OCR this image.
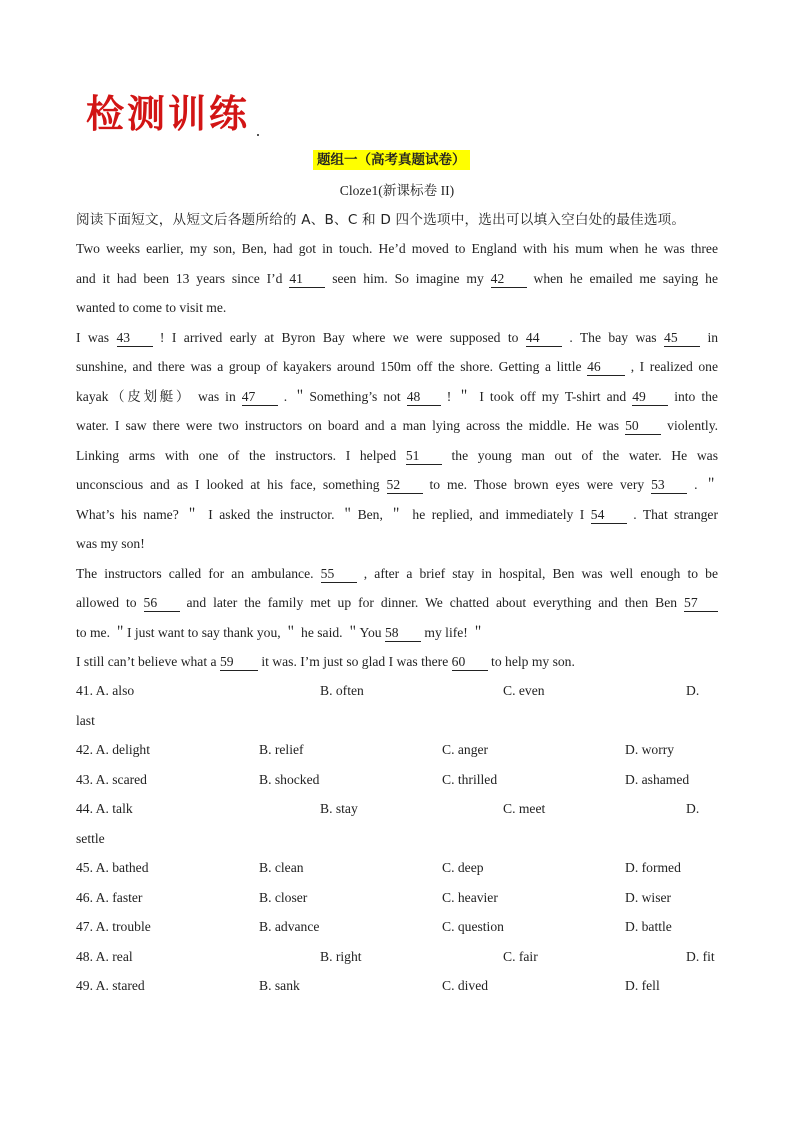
检测训练
题组一（高考真题试卷）
Cloze1(新课标卷 II)
阅读下面短文，从短文后各题所给的 A、B、C 和 D 四个选项中，选出可以填入空白处的最佳选项。
Two weeks earlier, my son, Ben, had got in touch. He’d moved to England with his mum when he was three
and it had been 13 years since I’d 41 seen him. So imagine my 42 when he emailed me saying he
wanted to come to visit me.
I was 43 ! I arrived early at Byron Bay where we were supposed to 44 . The bay was 45 in
sunshine, and there was a group of kayakers around 150m off the shore. Getting a little 46 , I realized one
kayak（皮划艇） was in 47 . ＂Something’s not 48 ! ＂ I took off my T-shirt and 49 into the
water. I saw there were two instructors on board and a man lying across the middle. He was 50 violently.
Linking arms with one of the instructors. I helped 51 the young man out of the water. He was
unconscious and as I looked at his face, something 52 to me. Those brown eyes were very 53 . ＂
What’s his name? ＂ I asked the instructor. ＂Ben, ＂ he replied, and immediately I 54 . That stranger
was my son!
The instructors called for an ambulance. 55 , after a brief stay in hospital, Ben was well enough to be
allowed to 56 and later the family met up for dinner. We chatted about everything and then Ben 57
to me. ＂I just want to say thank you, ＂ he said. ＂You 58 my life! ＂
I still can’t believe what a 59 it was. I’m just so glad I was there 60 to help my son.
41. A. also	B. often	C. even	D.
last
42. A. delight	B. relief	C. anger	D. worry
43. A. scared	B. shocked	C. thrilled	D. ashamed
44. A. talk	B. stay	C. meet	D.
settle
45. A. bathed	B. clean	C. deep	D. formed
46. A. faster	B. closer	C. heavier	D. wiser
47. A. trouble	B. advance	C. question	D. battle
48. A. real	B. right	C. fair	D. fit
49. A. stared	B. sank	C. dived	D. fell
